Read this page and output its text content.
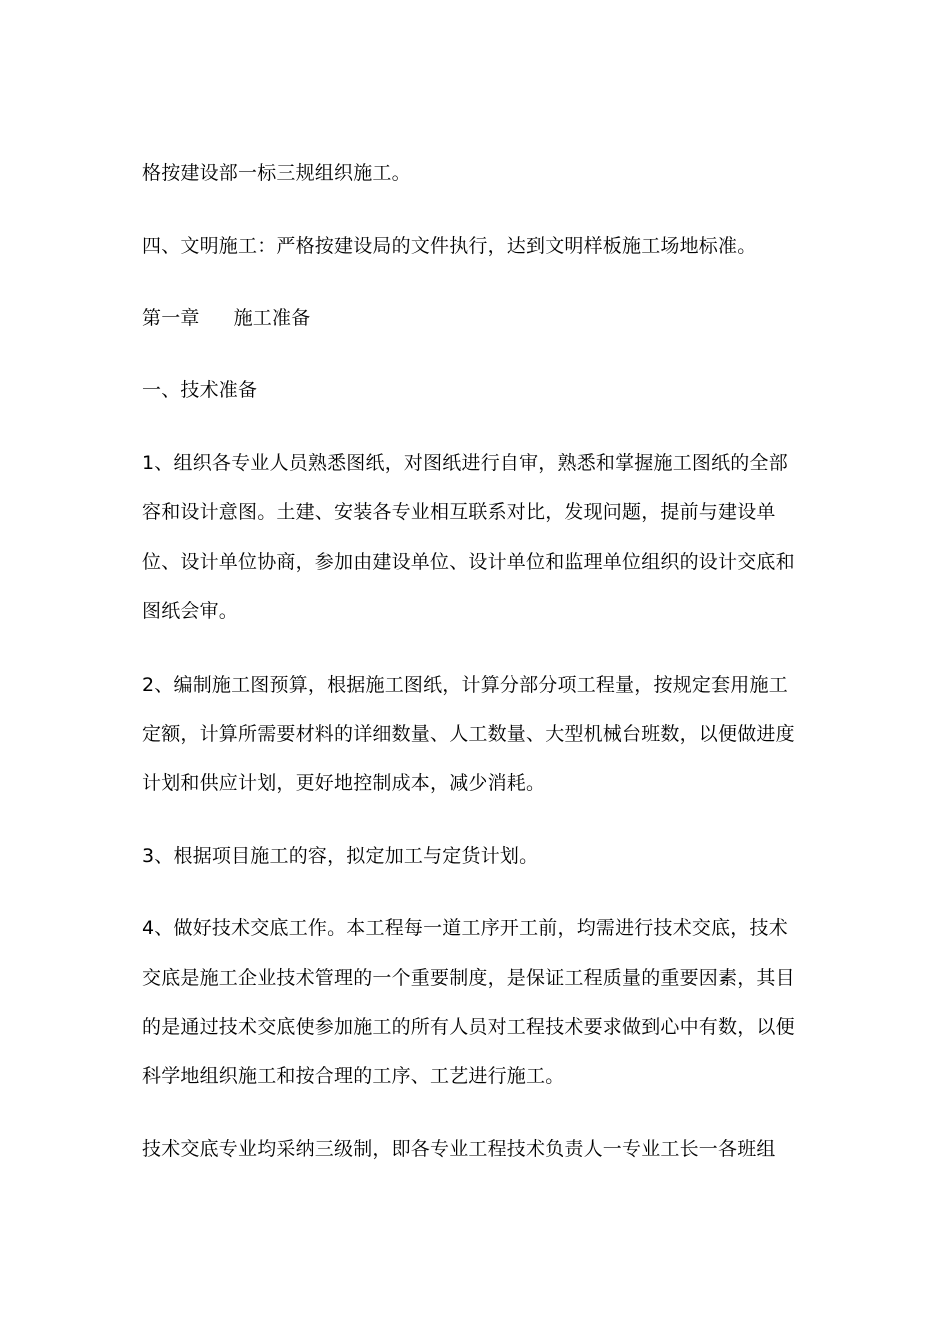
格按建设部一标三规组织施工。
四、文明施工：严格按建设局的文件执行，达到文明样板施工场地标准。
第一章 施工准备
一、技术准备
1、组织各专业人员熟悉图纸，对图纸进行自审，熟悉和掌握施工图纸的全部
容和设计意图。土建、安装各专业相互联系对比，发现问题，提前与建设单
位、设计单位协商，参加由建设单位、设计单位和监理单位组织的设计交底和
图纸会审。
2、编制施工图预算，根据施工图纸，计算分部分项工程量，按规定套用施工
定额，计算所需要材料的详细数量、人工数量、大型机械台班数，以便做进度
计划和供应计划，更好地控制成本，减少消耗。
3、根据项目施工的容，拟定加工与定货计划。
4、做好技术交底工作。本工程每一道工序开工前，均需进行技术交底，技术
交底是施工企业技术管理的一个重要制度，是保证工程质量的重要因素，其目
的是通过技术交底使参加施工的所有人员对工程技术要求做到心中有数，以便
科学地组织施工和按合理的工序、工艺进行施工。
技术交底专业均采纳三级制，即各专业工程技术负责人一专业工长一各班组
